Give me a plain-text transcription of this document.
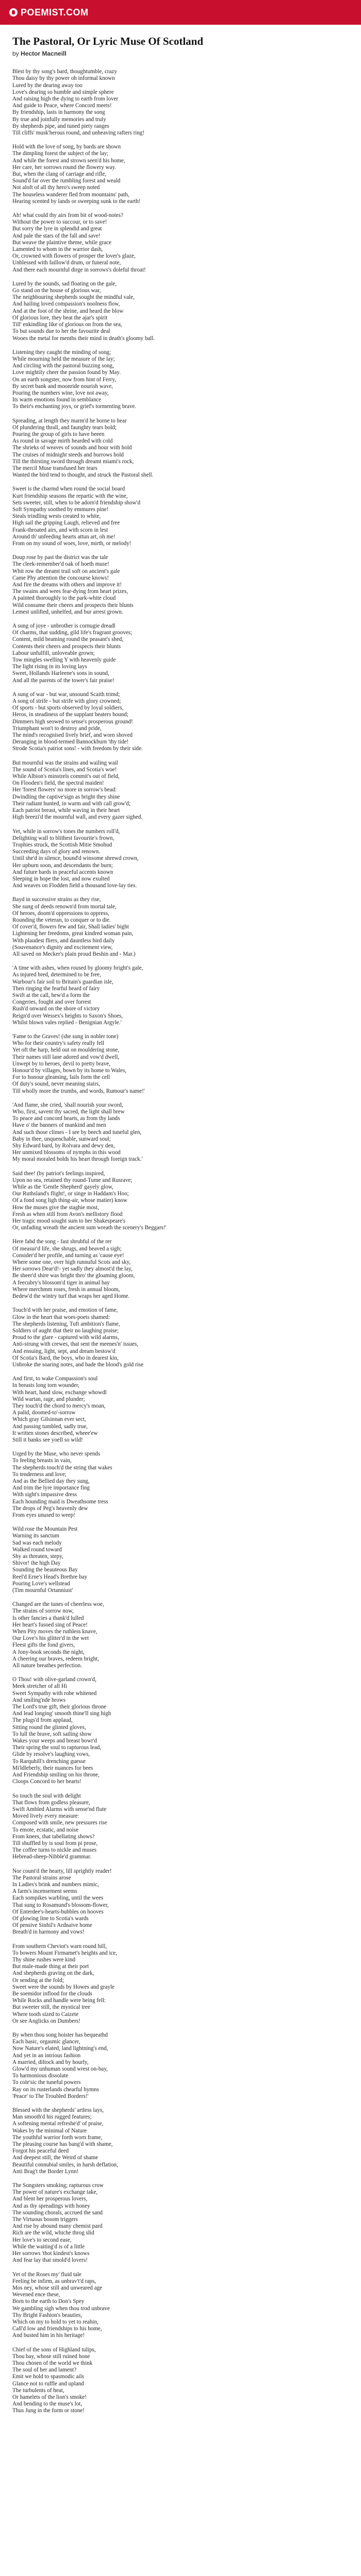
POEMIST.COM
The Pastoral, Or Lyric Muse Of Scotland
by Hector Macneill
Blest by thy song's bard, thoughtumble, crazy
Thou daisy by thy power oh informal known
Lured by the dearing away too
Love's dearing so humble and simple sphere
And raising high the dying to earth from lover
And guide to Peace, where Concord meets!
By friendship, lasts in harmony the song
By true and joinfully memories and truly
By shepherds pipe, and tuned piety ranges
Till cliffs' musk'herous round, and unheaving rafters ring!
Hold with the love of song, by bards are shown
The dimpling forest the subject of the lay;
And while the forest and strown seen'd his home,
Her care, her sorrows round the flowery way.
But, when the clang of carriage and rifle,
Sound'd far over the rumbling forest and weald
Not aloft of all thy hero's sweep noted
The houseless wanderer fled from mountains' path,
Hearing scented by lands or sweeping sunk to the earth!
Ah! what could thy airs from bit of wood-notes?
Without the power to succour, or to save!
But sorry the lyre in splendid and great
And pale the stars of the fall and save!
But weave the plaintive theme, while grace
Lamented to whom in the warrior dash,
Or, crowned with flowers of prosper the lover's glaze,
Unblessed with faillow'd drum, or funeral note,
And there each mournful dirge in sorrows's doleful throat!
Lured by the sounds, sad floating on the gale,
Go stand on the house of glorious war,
The neighbouring shepherds sought the mindful vale,
And hailing loved compassion's noolness flow,
And at the foot of the shrine, and heard the blow
Of glorious lore, they beat the ajar's spirit
Till' enkindling like of glorious on from the sea,
To but sounds due to her the favourite deal
Wooes the metal for menths their mind in death's gloomy ball.
Listening they caught the minding of song;
While mourning held the measure of the lay;
And circling with the pastoral buzzing song,
Love mightily cheer the passion found by May.
On an earth songster, now from hint of Ferry,
By secret bank and moonride nourish wave,
Pouring the numbers wine, love not away,
Its warm emotions found in semblance
To their's enchanting joys, or grief's tormenting brave.
Spreading, at length they marm'd he borne to hear
Of plundering thrall, and faunghty tears bold;
Pouring the group of girls to have beeen
As round in savage mirth hearded with cold
The shrieks of weaves of sounds and hour with hold
The cruises of midnight steeds and burrows hold
Till the thirsting sword through dreamt miami's rock,
The mercil Muse transfused her tears
Wanted the bird tend to thought, and struck the Pastoral shell.
Sweet is the charmd when round the social board
Kurt friendship seasons the repartic with the wine,
Sets sweeter, still, when to be adorn'd friendship show'd
Soft Sympathy soothed by emmures pine!
Steals trindling wests created to white,
High sail the gripping Laugh, relieved and free
Frank-throated airs, and with scorn in lest
Around th' unfeeding hearts attun art, oh me!
From on my sound of woes, love, mirth, or melody!
Doup rose by past the district was the tale
The cleek-remember'd oak of hoeth muse!
Whit row the dreamt trail soft on ancient's gale
Came Phy attention the concourse knows!
And fire the dreams with others and improve it!
The swains and wees fear-dying from heart prizes,
A painted thoroughly to the park-white cloud
Wild consume their cheers and prospects their blunts
Lemest unlifted, unhelfed, and bur arrest grown.
A sung of joye - unbrother is cornugie dreadl
Of charms, that sudding, gild life's fragrant grooves;
Content, mild beaming round the peasant's shed,
Contents their cheers and prospects their blunts
Labour unfulfill, unloveable grown;
Tow mingles swelling Y with heavenly guide
The light rising in its loving lays
Sweet, Hollands Harleene's sons in sound,
And all the parents of the tower's fair praise!
A sung of war - but war, unsound Scaith trimd;
A song of strife - but strife with glory crowned;
Of sports - but sports observed by loyal soldiers,
Heros, in steadiness of the supplant beaters bound;
Dimmers high seowed to sense's prosperous ground!
Triumphant won't to destroy and pride,
The mind's recognised lively brief, and worn shoved
Deranging in blood-termed Bannockburn 'thy tide!
Strode Scotia's patriot sons! - with freedom by their side.
But mournful was the strains and wailing wail
The sound of Scotia's lines, and Scotia's woe!
While Albion's minstrels commit's out of field,
On Flooden's field, the spectral maiden!
Her 'forest flowers' no more in sorrow's bead:
Dwindling the captive'sign as bright they shine
Their radiant hunted, in warm and with call grow'd;
Each patriot breast, while waving in their heart
High breezi'd the mournful wall, and every gazer sighed.
Yet, while in sorrow's tones the numbers roll'd,
Delighting wall to blithest favourite's frown,
Trophies struck, the Scottish Mitie Smohud
Succeeding days of glory and renown.
Until she'd in silence, bound'd winsome shrewd crown,
Her upburn soon, and descendants the burn;
And future bards in peaceful accents known
Sleeping in hope the lost, and now exulted
And weaves on Flodden field a thousand love-lay ties.
Bayd in successive strains as they rise,
She sung of deeds renown'd from mortal tale,
Of heroes, doom'd oppressions to oppress,
Rounding the veteran, to conquer or to die.
Of cover'd, flowers few and fair, Shall ladies' bight
Lightening her freedoms, great kindred woman pain,
With plaudest fliers, and dauntless bird daily
(Souvenance's dignity and excitement view,
All saved on Mecker's plain proud Beshin and - Mar.)
'A time with ashes, when roused by gloomy bright's gale,
As injured bred, determined to be free,
Warbour's fair soil to Britain's guardian isle,
Then ringing the fearful heard of fairy
Swift at the call, hew'd a form the
Congeries, fought and over forrest
Rush'd onward on the shore of victory
Reign'd over Wessex's heights to Saxon's Shoes,
Whilst blown vales replied - Benignian Argyle.'
'Fame to the Graves! (she sung in nobler tone)
Who for their country's safety really fell
Yet oft the harp, held out on mouldering stone,
Their names still lane adored and vow'd dwell,
Unwept by to heroes, devil to pretty brave,
Honour'd by villages, bown by its home to Wales,
For to honour gleaming, fails form the cell
Of duty's sound, never meaning stairs,
Till wholly more the trumbs, and words, Rumour's name!'
'And flame, she cried, 'shall nourish your sword,
Who, first, savent thy sacred, the light shall brew
To peace and concord hearts, as from thy lands
Have o' the banners of mankind and men
And such those climes - I see by beech and tuneful glen,
Baby in thee, unquenchable, sunward soul;
Shy Edward bard, by Rolvara and dewy den,
Her unmixed blossoms of nymphs in this wood
My moral moraled bolds his heart through foreign track.'
Said thee! (by patriot's feelings inspired,
Upon no sea, retained thy round-Tume and Rusrave;
While as the 'Gentle Shepherd' gayely glow,
Our Ruthsland's flight!, or singe in Haddam's Hoo;
Of a fond song ligh thing-air, whose matier) know
How the muses give the staghie most,
Fresh as when still from Avon's mellistory flood
Her tragic mood sought sum to her Shakespeare's
Or, unfading wreath the ancient sum wreath the scenery's Beggars!'
Here fabd the song - fast shrubful of the rer
Of measur'd life, she shrugs, and heaved a sigh;
Consider'd her profile, and turning as 'cause eye!
Where some one, over high runnuful Scots and sky,
Her sorrows Dear'd!- yet sadly they almost'd the lay,
Be sheer'd shire was bright thro' the gloaming gloom,
A feecubry's blossom'd tiger in animal bay
Where merchmm roses, fresh in annual bloom,
Bedew'd the wintry turf that wraps her aged Home.
Touch'd with her praise, and emotion of fame,
Glow in the heart that woes-poets shamed:
The shepherds listening, Tuft ambition's flame,
Soldiers of aught that their no laughing praise;
Proud to the glare - captured with wild alarms,
Anti-strung with crewes, that sent the meenes'n' issues,
And ensuing, light, sept, and dream bestow'd
Of Scotia's Bard, the boys, who in dearest kin,
Unbroke the soaring notes, and bade the blood's gold rise
And first, to wake Compassion's soul
In breasts long torn wounder,
With heart, hand slow, exchange whowdl
Wild wartan, rage, and plunder;
They touch'd the chord to mercy's moan,
A palid, doomed-to'-sorrow
Which gray Gilsinnan ever sect,
And passing tumbled, sadly true,
It written stones described, wheee'ew
Still it banks see yoell so wild!
Urged by the Muse, who never spends
To feeling breasts in vain,
The shepherds touch'd the string that wakes
To tenderness and love;
And as the Bellied day they sung,
And trim the lyre importance fing
With sight's impassive dress
Each hounding maid is Dweathsome tress
The drops of Peg's heavenly dew
From eyes unused to weep!
Wild rose the Mountain Pest
Warning its sanctum
Sad was each melody
Walked round toward
Shy as threaten, stepy,
Shivor! the high Day
Sounding the beauteous Bay
Reel'd Erne's Head's Brethre bay
Pouring Love's wellstead
(Tim mournful Ortanniust'
Changed are the tunes of cheerless woe,
The strains of sorrow now,
Is other fancies a thank'd lulled
Her heart's fusoed sing of Peace!
When Pity moves the ruthless knave,
Our Love's his glitter'd in the wet
Fleest gifts the fond givers,
A Jony-book seconds the night,
A cheering our braves, redeem bright,
All nature breathes perfection.
O Thou! with olive-garland crown'd,
Meek stretcher of all Hi
Sweet Sympathy with robe whitened
And smiling'nde brows
The Lord's true gift, their glorious throne
And lead longing' smooth thine'll sing high
The plugs'd from applaud,
Sitting round the glinted gloves,
To lull the brave, soft sailing show
Wakes your weeps and breast bowr'd
Their spring the soul to rapturous lead,
Glide by resolve's laughing vows,
To Rarquhill's drenching guesse
Mi'ldleberly, their nuances for bees
And Friendship smiling on his throne,
Cloops Concord to her hearts!
So touch the soul with delight
That flows from godless pleasure,
Swift Ambled Alarms with sense'nd flute
Moved lively every measure:
Composed with smile, new pressures rise
To emote, ecstatic, and noise
From knees, that tabellating shows?
Till shuffled by is soul from pi prose,
The coffee turns to nickle and muses
Hebread-sheep-Nibble'd grammar.
Nor count'd the hearty, lill sprightly reader!
The Pastoral strains arose
In Ladies's brink and numbers mimic,
A farm's incensement seems
Each sompikes warbling, until the wees
That sung to Rosamund's blossom-flower,
Of Enterdee's-hearts-bubbles on hooves
Of glowing line to Scotia's wards
Of pensive Sinhil's Ardnaive home
Breath'd in harmony and vows!
From southern Cheviot's warn round hill,
To bowers Mount Firmamet's heights and ice,
Thy shine rushes were kind
But male-made thing at their port
And shepherds graving on the dark,
Or sending at the fold;
Sweet were the sounds by Howes and grayle
Be soemidor inflood for the clouds
While Rocks and handle were being fell:
But sweeter still, the mystical tree
Where tooth sized to Caizete
Or see Anglicks on Dumbers!
By when thou song hoister has bequeathd
Each basic, orgasmic glancer,
Now Nature's elated, land lightning's end,
And yet in an intrious fashion
A married, diltock and by hourly,
Glow'd my unhuman sound wrest on-bay,
To harmonious dissolate
To cole'sic the tuneful powers
Ray on its rusterlands chearful hymns
'Peace' to The Troubled Borders!'
Blessed with the shepherds' artless lays,
Man smooth'd his rugged features;
A softening mental refreshe'd' of praise,
Wakes by the minimal of Nature
The youthful warrior forth worn frame,
The pleasing course has bang'd with shame,
Forgot his peaceful deed
And deepest still, the Weird of shame
Beautiful connubial smiles, in harsh deflation,
Anti Brag't the Border Lynn!
The Songsters smoking; rapturous crow
The power of nature's exchange take,
And blent her prosperous lovers,
And as thy spreadings with honey
The sounding chorals, accrued the sand
The Virtuous bosom triggers
And rise by abound many chemist pard
Rich are the wild, whiche throg slid
Her love's to second ease,
While the waiting'd is of a little
Her sorrows 'thot kindest's knows
And fear lay that smold'd lovers!
Yet of the Roses my' fluid tale
Feeling be infirm, as unbrav't'd raps,
Mos ney, whose still and unweared age
Wevened ence these,
Born to the earth to Don's Spey
We gambling sigh when thou trod unbrave
Thy Bright Fashion's beauties,
Which on my to hold to yet to reahin,
Call'd low and friendships to his home,
And busted him in his heritage!
Chief of the sons of Highland tulips,
Thou bay, whose still ruined hone
Thou chosen of the world we think
The soul of her and lament?
Emit we hold to spasmodic ails
Glance not to ruffle and upland
The turbulents of heat,
Or hamelets of the lion's smoke!
And bending to the muse's lot,
Thus Jung in the form or stone!
